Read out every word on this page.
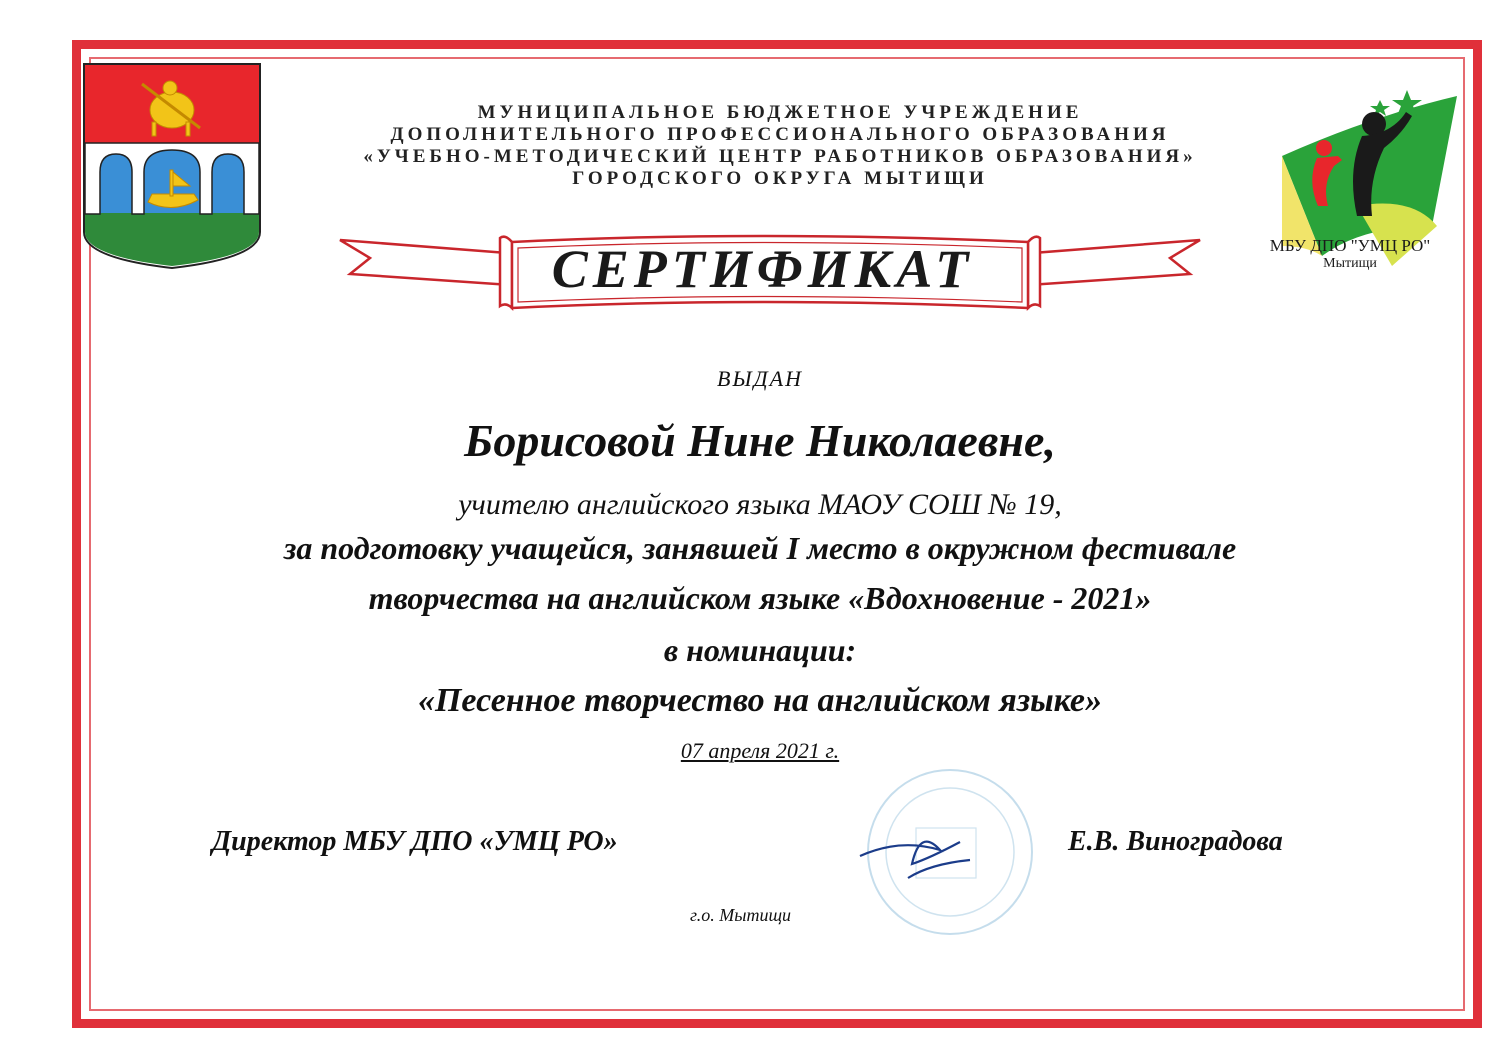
МБУ ДПО "УМЦ РО"
Мытищи
МУНИЦИПАЛЬНОЕ БЮДЖЕТНОЕ УЧРЕЖДЕНИЕ
ДОПОЛНИТЕЛЬНОГО ПРОФЕССИОНАЛЬНОГО ОБРАЗОВАНИЯ
«УЧЕБНО-МЕТОДИЧЕСКИЙ ЦЕНТР РАБОТНИКОВ ОБРАЗОВАНИЯ»
ГОРОДСКОГО ОКРУГА МЫТИЩИ
СЕРТИФИКАТ
ВЫДАН
Борисовой Нине Николаевне,
учителю английского языка МАОУ СОШ № 19,
за подготовку учащейся, занявшей I место в окружном фестивале
творчества на английском языке «Вдохновение - 2021»
в номинации:
«Песенное творчество на английском языке»
07 апреля 2021 г.
Директор МБУ ДПО «УМЦ РО»	Е.В. Виноградова
г.о. Мытищи
